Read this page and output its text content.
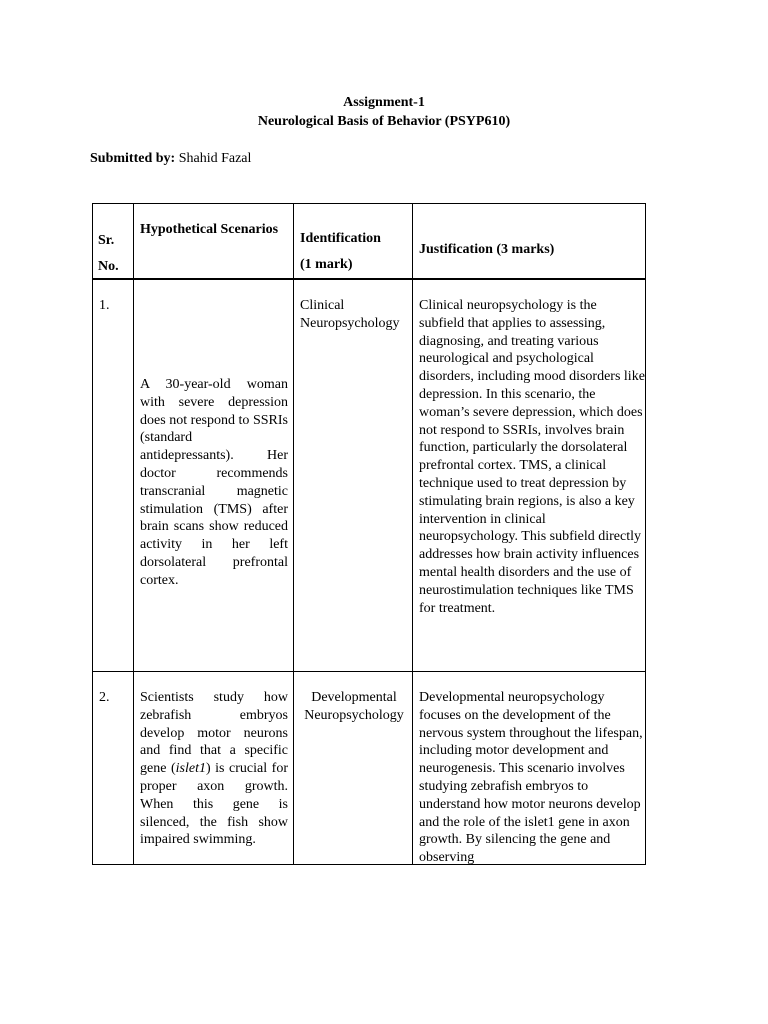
Assignment-1
Neurological Basis of Behavior (PSYP610)
Submitted by: Shahid Fazal
Sr.
No.
Hypothetical Scenarios
Identification
(1 mark)
Justification (3 marks)
1.
A 30-year-old woman with severe depression does not respond to SSRIs (standard antidepressants). Her doctor recommends transcranial magnetic stimulation (TMS) after brain scans show reduced activity in her left dorsolateral prefrontal cortex.
Clinical
Neuropsychology
Clinical neuropsychology is the subfield that applies to assessing, diagnosing, and treating various neurological and psychological disorders, including mood disorders like depression. In this scenario, the woman’s severe depression, which does not respond to SSRIs, involves brain function, particularly the dorsolateral prefrontal cortex. TMS, a clinical technique used to treat depression by stimulating brain regions, is also a key intervention in clinical neuropsychology. This subfield directly addresses how brain activity influences mental health disorders and the use of neurostimulation techniques like TMS for treatment.
2. Scientists study how zebrafish embryos develop motor neurons and find that a specific gene (islet1) is crucial for proper axon growth. When this gene is silenced, the fish show impaired swimming.
Developmental
Neuropsychology
Developmental neuropsychology focuses on the development of the nervous system throughout the lifespan, including motor development and neurogenesis. This scenario involves studying zebrafish embryos to understand how motor neurons develop and the role of the islet1 gene in axon growth. By silencing the gene and observing
